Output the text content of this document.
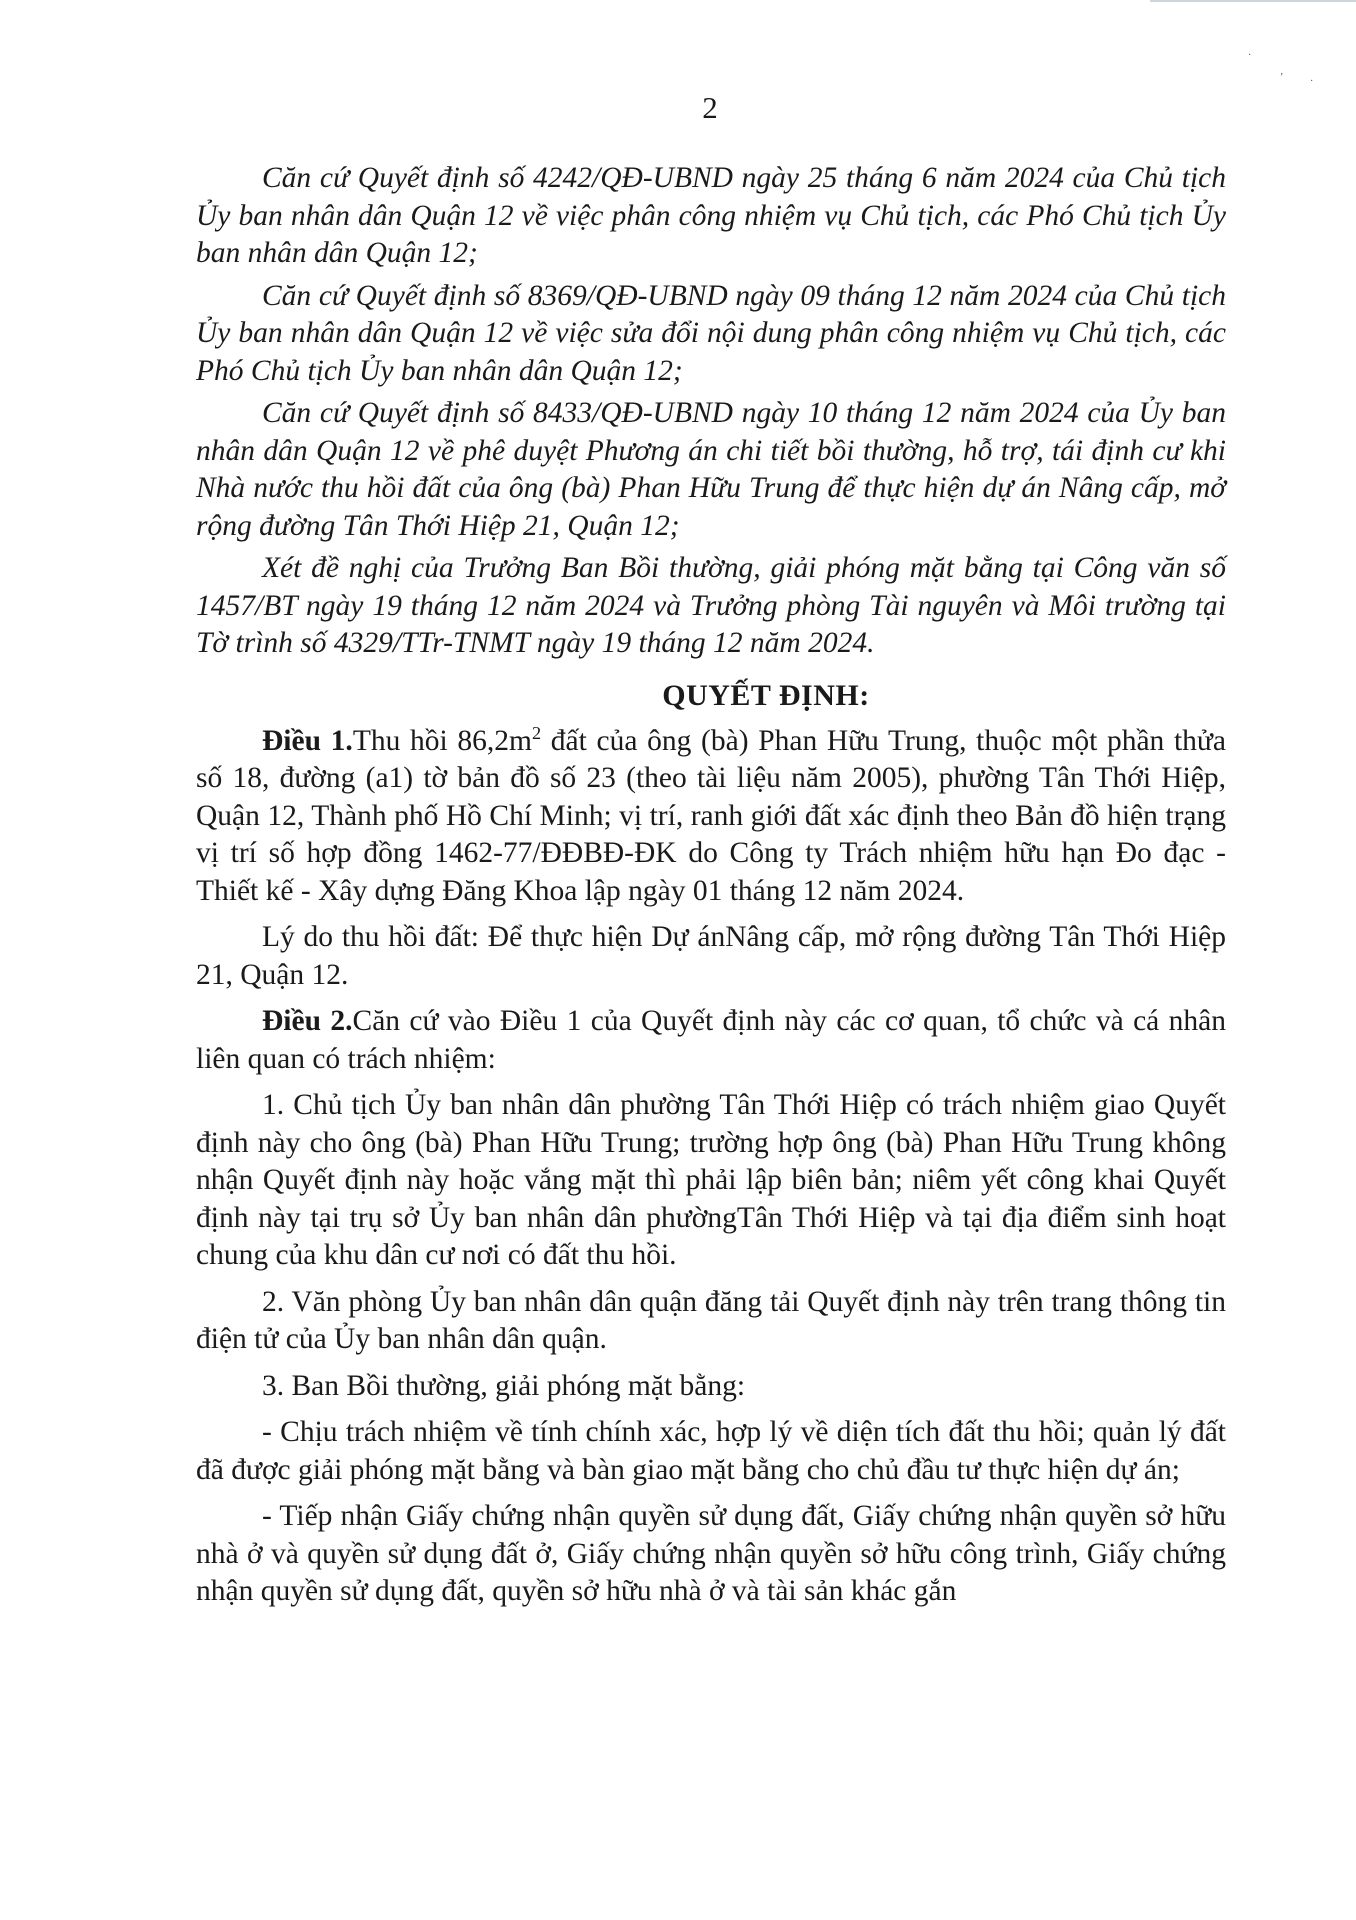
·
‚
·
2

Căn cứ Quyết định số 4242/QĐ-UBND ngày 25 tháng 6 năm 2024 của Chủ tịch Ủy ban nhân dân Quận 12 về việc phân công nhiệm vụ Chủ tịch, các Phó Chủ tịch Ủy ban nhân dân Quận 12;

Căn cứ Quyết định số 8369/QĐ-UBND ngày 09 tháng 12 năm 2024 của Chủ tịch Ủy ban nhân dân Quận 12 về việc sửa đổi nội dung phân công nhiệm vụ Chủ tịch, các Phó Chủ tịch Ủy ban nhân dân Quận 12;

Căn cứ Quyết định số 8433/QĐ-UBND ngày 10 tháng 12 năm 2024 của Ủy ban nhân dân Quận 12 về phê duyệt Phương án chi tiết bồi thường, hỗ trợ, tái định cư khi Nhà nước thu hồi đất của ông (bà) Phan Hữu Trung để thực hiện dự án Nâng cấp, mở rộng đường Tân Thới Hiệp 21, Quận 12;

Xét đề nghị của Trưởng Ban Bồi thường, giải phóng mặt bằng tại Công văn số 1457/BT ngày 19 tháng 12 năm 2024 và Trưởng phòng Tài nguyên và Môi trường tại Tờ trình số 4329/TTr-TNMT ngày 19 tháng 12 năm 2024.

QUYẾT ĐỊNH:

Điều 1.Thu hồi $86,2m^2$ đất của ông (bà) Phan Hữu Trung, thuộc một phần thửa số 18, đường (a1) tờ bản đồ số 23 (theo tài liệu năm 2005), phường Tân Thới Hiệp, Quận 12, Thành phố Hồ Chí Minh; vị trí, ranh giới đất xác định theo Bản đồ hiện trạng vị trí số hợp đồng 1462-77/ĐĐBĐ-ĐK do Công ty Trách nhiệm hữu hạn Đo đạc - Thiết kế - Xây dựng Đăng Khoa lập ngày 01 tháng 12 năm 2024.

Lý do thu hồi đất: Để thực hiện Dự ánNâng cấp, mở rộng đường Tân Thới Hiệp 21, Quận 12.

Điều 2.Căn cứ vào Điều 1 của Quyết định này các cơ quan, tổ chức và cá nhân liên quan có trách nhiệm:

1. Chủ tịch Ủy ban nhân dân phường Tân Thới Hiệp có trách nhiệm giao Quyết định này cho ông (bà) Phan Hữu Trung; trường hợp ông (bà) Phan Hữu Trung không nhận Quyết định này hoặc vắng mặt thì phải lập biên bản; niêm yết công khai Quyết định này tại trụ sở Ủy ban nhân dân phườngTân Thới Hiệp và tại địa điểm sinh hoạt chung của khu dân cư nơi có đất thu hồi.

2. Văn phòng Ủy ban nhân dân quận đăng tải Quyết định này trên trang thông tin điện tử của Ủy ban nhân dân quận.

3. Ban Bồi thường, giải phóng mặt bằng:

- Chịu trách nhiệm về tính chính xác, hợp lý về diện tích đất thu hồi; quản lý đất đã được giải phóng mặt bằng và bàn giao mặt bằng cho chủ đầu tư thực hiện dự án;

- Tiếp nhận Giấy chứng nhận quyền sử dụng đất, Giấy chứng nhận quyền sở hữu nhà ở và quyền sử dụng đất ở, Giấy chứng nhận quyền sở hữu công trình, Giấy chứng nhận quyền sử dụng đất, quyền sở hữu nhà ở và tài sản khác gắn
